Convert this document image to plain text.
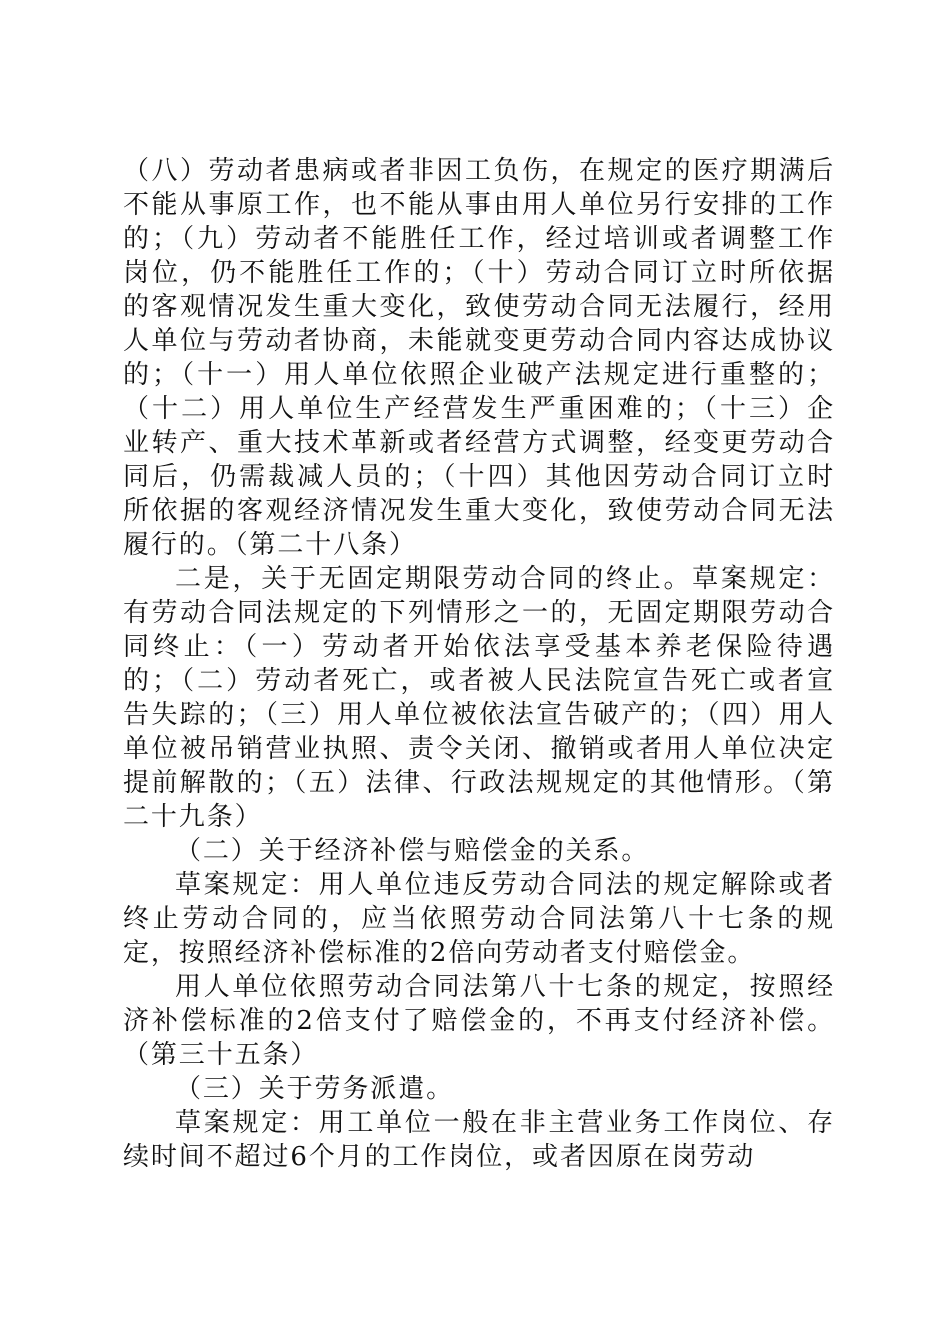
（八）劳动者患病或者非因工负伤，在规定的医疗期满后不能从事原工作，也不能从事由用人单位另行安排的工作的；（九）劳动者不能胜任工作，经过培训或者调整工作岗位，仍不能胜任工作的；（十）劳动合同订立时所依据的客观情况发生重大变化，致使劳动合同无法履行，经用人单位与劳动者协商，未能就变更劳动合同内容达成协议的；（十一）用人单位依照企业破产法规定进行重整的；（十二）用人单位生产经营发生严重困难的；（十三）企业转产、重大技术革新或者经营方式调整，经变更劳动合同后，仍需裁减人员的；（十四）其他因劳动合同订立时所依据的客观经济情况发生重大变化，致使劳动合同无法履行的。（第二十八条）

二是，关于无固定期限劳动合同的终止。草案规定：有劳动合同法规定的下列情形之一的，无固定期限劳动合同终止：（一）劳动者开始依法享受基本养老保险待遇的；（二）劳动者死亡，或者被人民法院宣告死亡或者宣告失踪的；（三）用人单位被依法宣告破产的；（四）用人单位被吊销营业执照、责令关闭、撤销或者用人单位决定提前解散的；（五）法律、行政法规规定的其他情形。（第二十九条）

（二）关于经济补偿与赔偿金的关系。

草案规定：用人单位违反劳动合同法的规定解除或者终止劳动合同的，应当依照劳动合同法第八十七条的规定，按照经济补偿标准的2倍向劳动者支付赔偿金。

用人单位依照劳动合同法第八十七条的规定，按照经济补偿标准的2倍支付了赔偿金的，不再支付经济补偿。（第三十五条）

（三）关于劳务派遣。

草案规定：用工单位一般在非主营业务工作岗位、存续时间不超过6个月的工作岗位，或者因原在岗劳动
